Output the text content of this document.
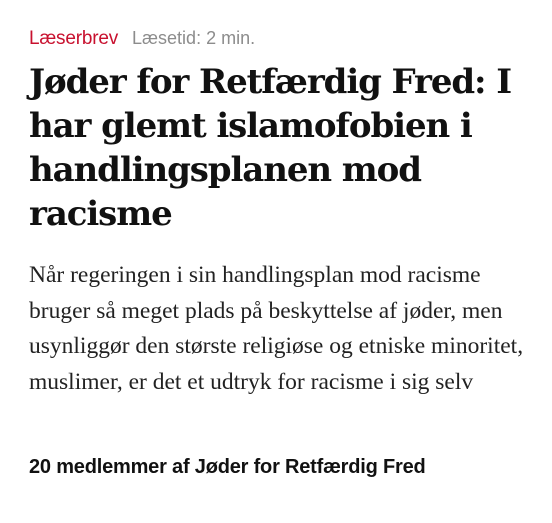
Læserbrev Læsetid: 2 min.
Jøder for Retfærdig Fred: I har glemt islamofobien i handlingsplanen mod racisme

Når regeringen i sin handlingsplan mod racisme bruger så meget plads på beskyttelse af jøder, men usynliggør den største religiøse og etniske minoritet, muslimer, er det et udtryk for racisme i sig selv

20 medlemmer af Jøder for Retfærdig Fred
